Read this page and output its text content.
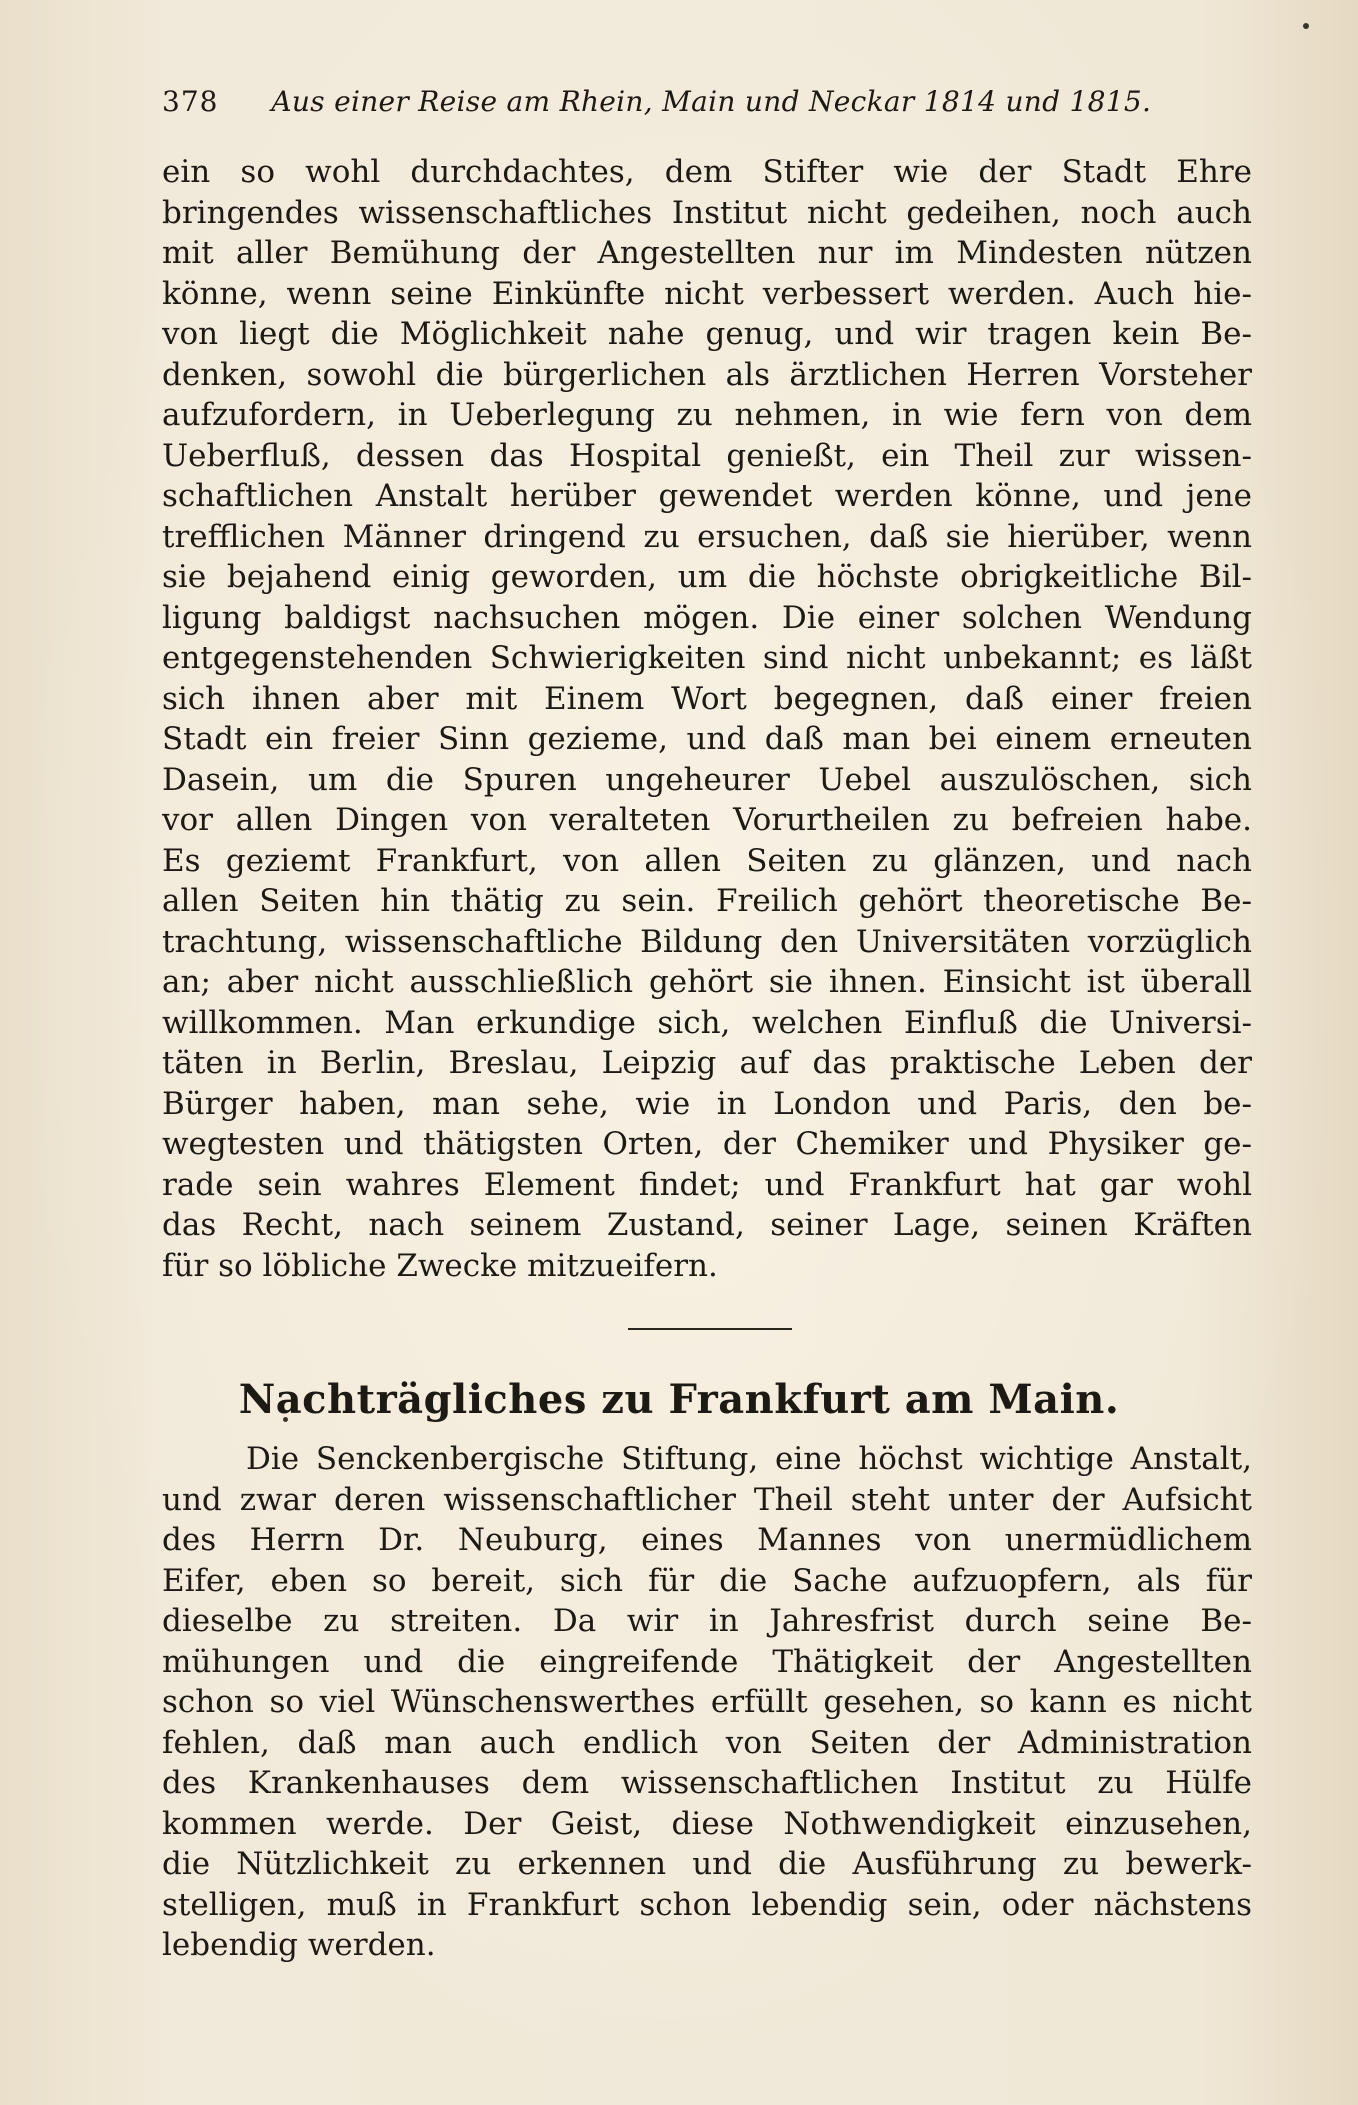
378 Aus einer Reise am Rhein, Main und Neckar 1814 und 1815.
ein so wohl durchdachtes, dem Stifter wie der Stadt Ehre
bringendes wissenschaftliches Institut nicht gedeihen, noch auch
mit aller Bemühung der Angestellten nur im Mindesten nützen
könne, wenn seine Einkünfte nicht verbessert werden. Auch hie-
von liegt die Möglichkeit nahe genug, und wir tragen kein Be-
denken, sowohl die bürgerlichen als ärztlichen Herren Vorsteher
aufzufordern, in Ueberlegung zu nehmen, in wie fern von dem
Ueberfluß, dessen das Hospital genießt, ein Theil zur wissen-
schaftlichen Anstalt herüber gewendet werden könne, und jene
trefflichen Männer dringend zu ersuchen, daß sie hierüber, wenn
sie bejahend einig geworden, um die höchste obrigkeitliche Bil-
ligung baldigst nachsuchen mögen. Die einer solchen Wendung
entgegenstehenden Schwierigkeiten sind nicht unbekannt; es läßt
sich ihnen aber mit Einem Wort begegnen, daß einer freien
Stadt ein freier Sinn gezieme, und daß man bei einem erneuten
Dasein, um die Spuren ungeheurer Uebel auszulöschen, sich
vor allen Dingen von veralteten Vorurtheilen zu befreien habe.
Es geziemt Frankfurt, von allen Seiten zu glänzen, und nach
allen Seiten hin thätig zu sein. Freilich gehört theoretische Be-
trachtung, wissenschaftliche Bildung den Universitäten vorzüglich
an; aber nicht ausschließlich gehört sie ihnen. Einsicht ist überall
willkommen. Man erkundige sich, welchen Einfluß die Universi-
täten in Berlin, Breslau, Leipzig auf das praktische Leben der
Bürger haben, man sehe, wie in London und Paris, den be-
wegtesten und thätigsten Orten, der Chemiker und Physiker ge-
rade sein wahres Element findet; und Frankfurt hat gar wohl
das Recht, nach seinem Zustand, seiner Lage, seinen Kräften
für so löbliche Zwecke mitzueifern.
Nachträgliches zu Frankfurt am Main.
Die Senckenbergische Stiftung, eine höchst wichtige Anstalt,
und zwar deren wissenschaftlicher Theil steht unter der Aufsicht
des Herrn Dr. Neuburg, eines Mannes von unermüdlichem
Eifer, eben so bereit, sich für die Sache aufzuopfern, als für
dieselbe zu streiten. Da wir in Jahresfrist durch seine Be-
mühungen und die eingreifende Thätigkeit der Angestellten
schon so viel Wünschenswerthes erfüllt gesehen, so kann es nicht
fehlen, daß man auch endlich von Seiten der Administration
des Krankenhauses dem wissenschaftlichen Institut zu Hülfe
kommen werde. Der Geist, diese Nothwendigkeit einzusehen,
die Nützlichkeit zu erkennen und die Ausführung zu bewerk-
stelligen, muß in Frankfurt schon lebendig sein, oder nächstens
lebendig werden.
